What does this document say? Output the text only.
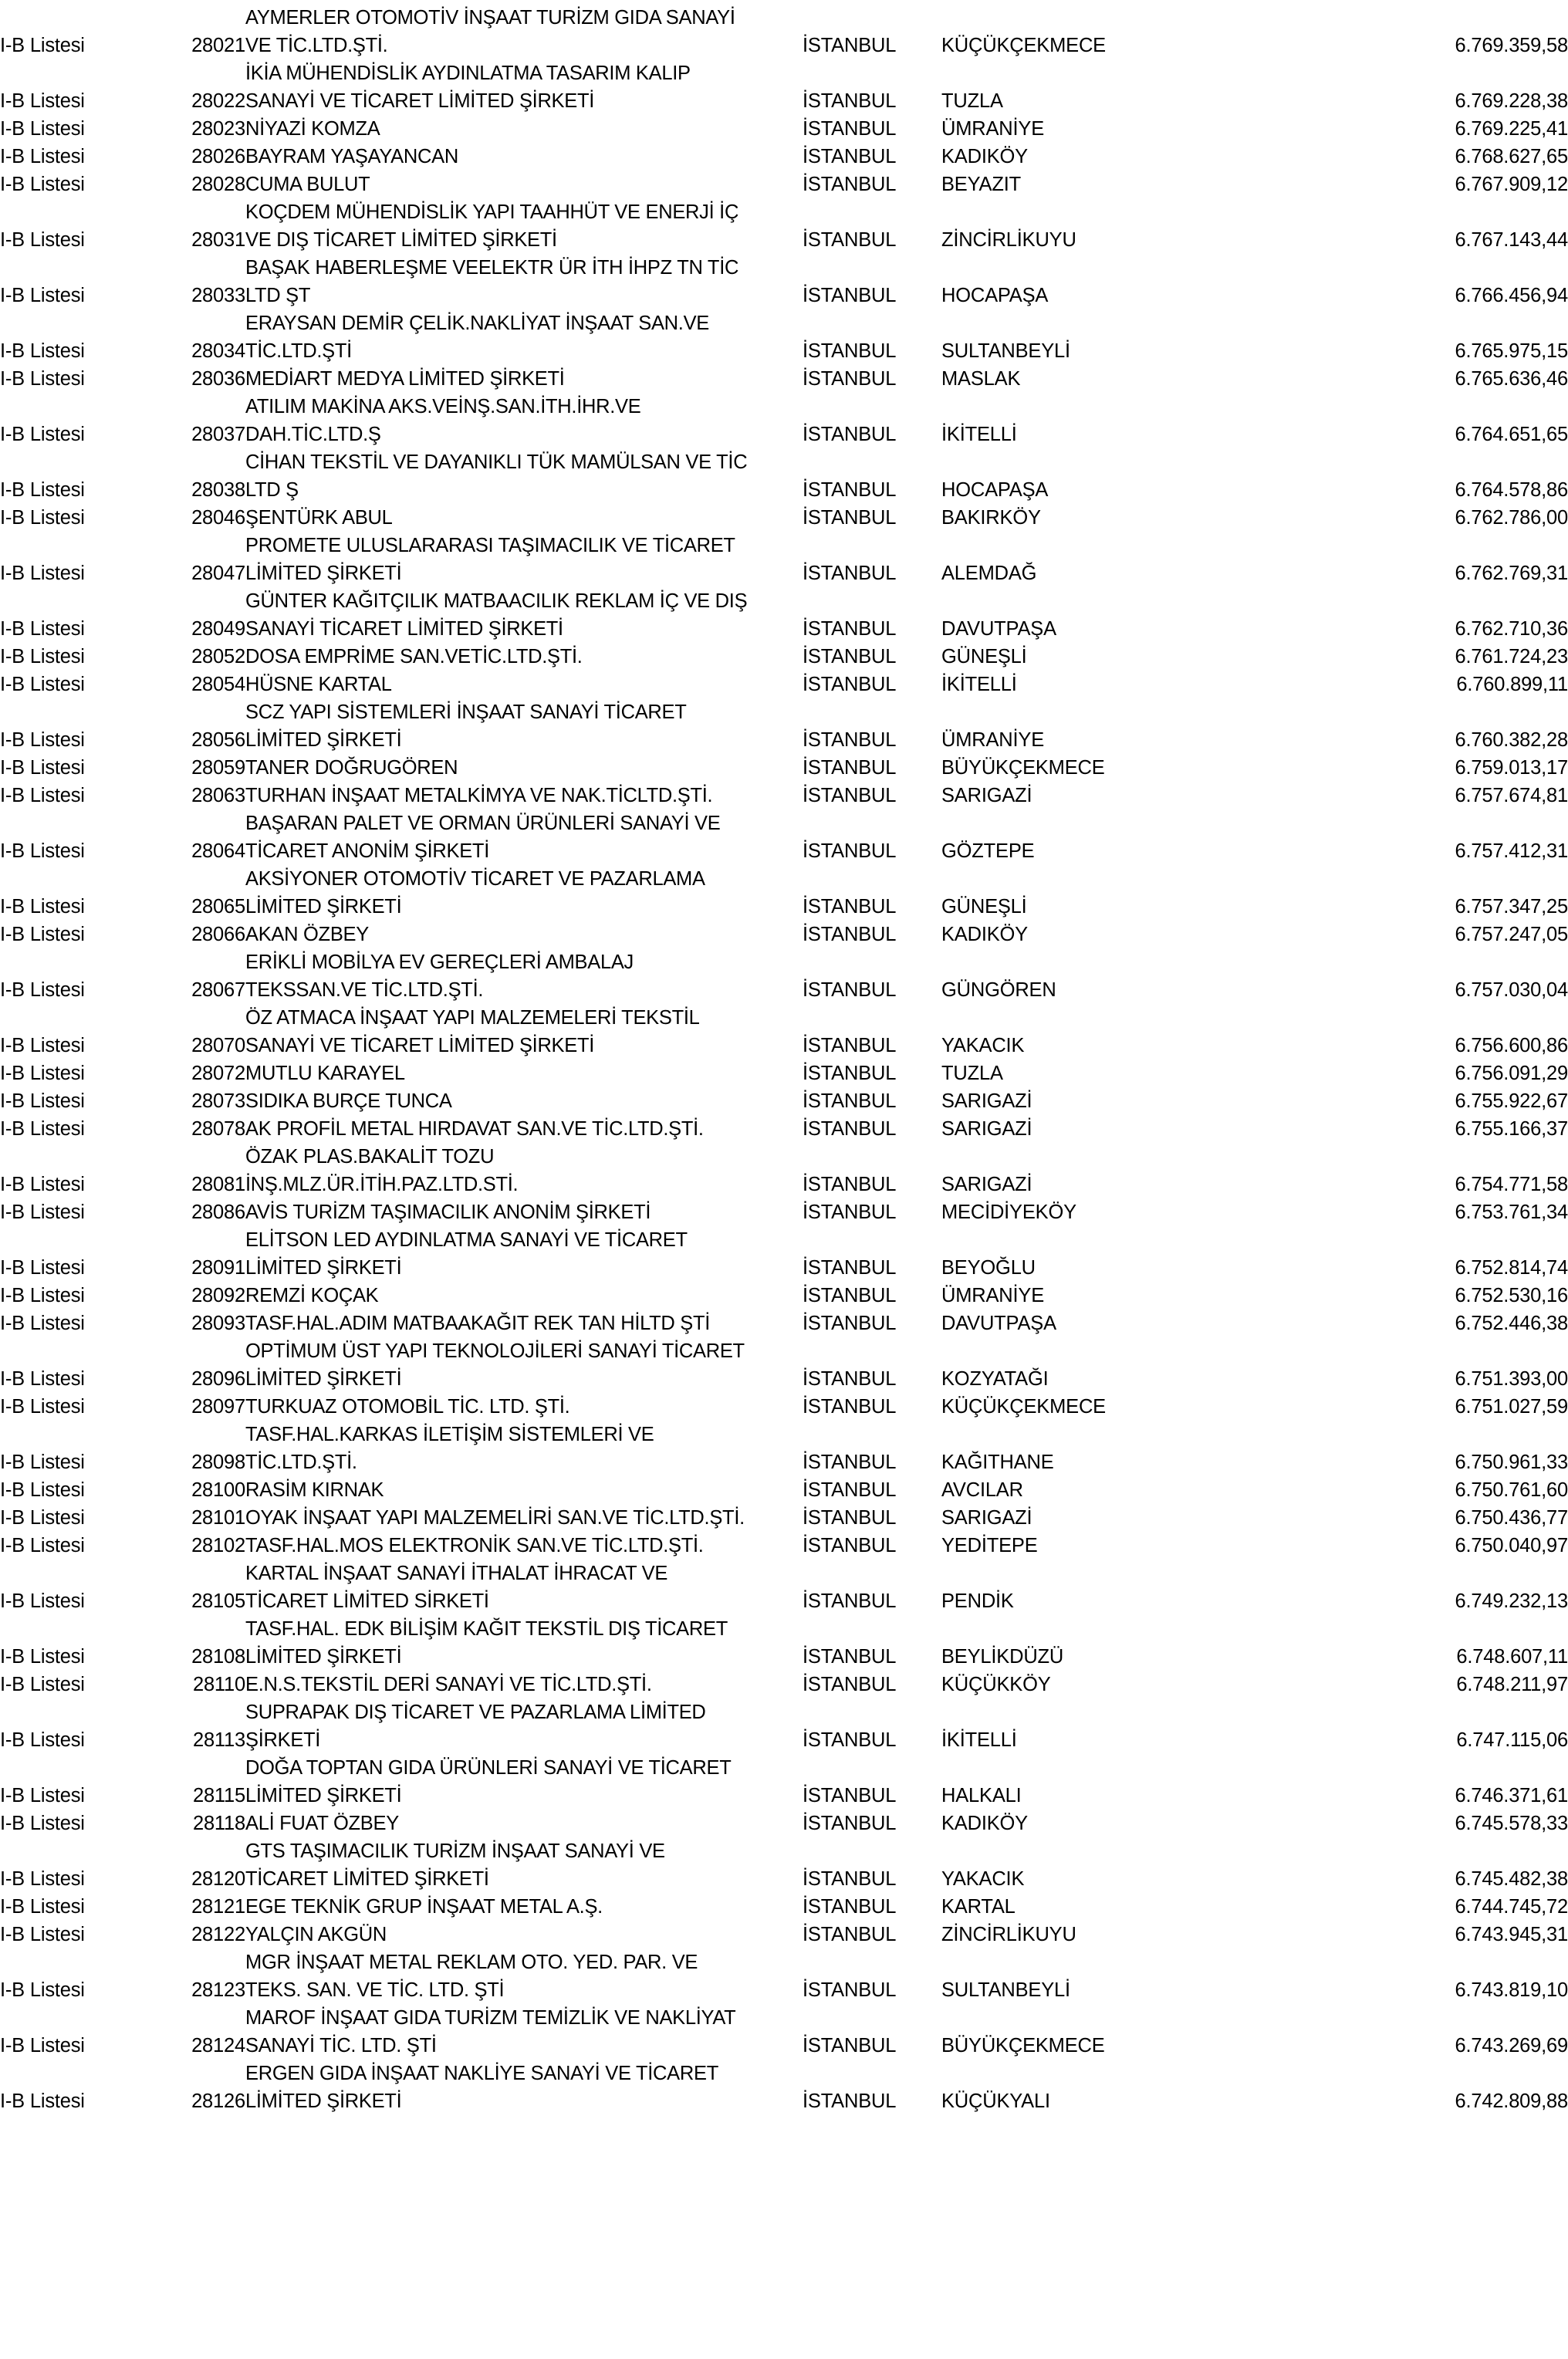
		AYMERLER OTOMOTİV İNŞAAT TURİZM GIDA SANAYİ			
I-B Listesi	28021	VE TİC.LTD.ŞTİ.	İSTANBUL	KÜÇÜKÇEKMECE	6.769.359,58
		İKİA MÜHENDİSLİK AYDINLATMA TASARIM KALIP			
I-B Listesi	28022	SANAYİ VE TİCARET LİMİTED ŞİRKETİ	İSTANBUL	TUZLA	6.769.228,38
I-B Listesi	28023	NİYAZİ KOMZA	İSTANBUL	ÜMRANİYE	6.769.225,41
I-B Listesi	28026	BAYRAM YAŞAYANCAN	İSTANBUL	KADIKÖY	6.768.627,65
I-B Listesi	28028	CUMA BULUT	İSTANBUL	BEYAZIT	6.767.909,12
		KOÇDEM MÜHENDİSLİK YAPI TAAHHÜT VE ENERJİ İÇ			
I-B Listesi	28031	VE DIŞ TİCARET LİMİTED ŞİRKETİ	İSTANBUL	ZİNCİRLİKUYU	6.767.143,44
		BAŞAK HABERLEŞME VEELEKTR ÜR İTH İHPZ TN TİC			
I-B Listesi	28033	LTD ŞT	İSTANBUL	HOCAPAŞA	6.766.456,94
		ERAYSAN DEMİR ÇELİK.NAKLİYAT İNŞAAT SAN.VE			
I-B Listesi	28034	TİC.LTD.ŞTİ	İSTANBUL	SULTANBEYLİ	6.765.975,15
I-B Listesi	28036	MEDİART MEDYA LİMİTED ŞİRKETİ	İSTANBUL	MASLAK	6.765.636,46
		ATILIM MAKİNA AKS.VEİNŞ.SAN.İTH.İHR.VE			
I-B Listesi	28037	DAH.TİC.LTD.Ş	İSTANBUL	İKİTELLİ	6.764.651,65
		CİHAN TEKSTİL VE DAYANIKLI TÜK MAMÜLSAN VE TİC			
I-B Listesi	28038	LTD Ş	İSTANBUL	HOCAPAŞA	6.764.578,86
I-B Listesi	28046	ŞENTÜRK ABUL	İSTANBUL	BAKIRKÖY	6.762.786,00
		PROMETE ULUSLARARASI TAŞIMACILIK VE TİCARET			
I-B Listesi	28047	LİMİTED ŞİRKETİ	İSTANBUL	ALEMDAĞ	6.762.769,31
		GÜNTER KAĞITÇILIK MATBAACILIK REKLAM İÇ VE DIŞ			
I-B Listesi	28049	SANAYİ TİCARET LİMİTED ŞİRKETİ	İSTANBUL	DAVUTPAŞA	6.762.710,36
I-B Listesi	28052	DOSA EMPRİME SAN.VETİC.LTD.ŞTİ.	İSTANBUL	GÜNEŞLİ	6.761.724,23
I-B Listesi	28054	HÜSNE KARTAL	İSTANBUL	İKİTELLİ	6.760.899,11
		SCZ YAPI SİSTEMLERİ İNŞAAT SANAYİ TİCARET			
I-B Listesi	28056	LİMİTED ŞİRKETİ	İSTANBUL	ÜMRANİYE	6.760.382,28
I-B Listesi	28059	TANER DOĞRUGÖREN	İSTANBUL	BÜYÜKÇEKMECE	6.759.013,17
I-B Listesi	28063	TURHAN İNŞAAT METALKİMYA VE NAK.TİCLTD.ŞTİ.	İSTANBUL	SARIGAZİ	6.757.674,81
		BAŞARAN PALET VE ORMAN ÜRÜNLERİ SANAYİ VE			
I-B Listesi	28064	TİCARET ANONİM ŞİRKETİ	İSTANBUL	GÖZTEPE	6.757.412,31
		AKSİYONER OTOMOTİV TİCARET VE PAZARLAMA			
I-B Listesi	28065	LİMİTED ŞİRKETİ	İSTANBUL	GÜNEŞLİ	6.757.347,25
I-B Listesi	28066	AKAN ÖZBEY	İSTANBUL	KADIKÖY	6.757.247,05
		ERİKLİ MOBİLYA EV GEREÇLERİ AMBALAJ			
I-B Listesi	28067	TEKSSAN.VE TİC.LTD.ŞTİ.	İSTANBUL	GÜNGÖREN	6.757.030,04
		ÖZ ATMACA İNŞAAT YAPI MALZEMELERİ TEKSTİL			
I-B Listesi	28070	SANAYİ VE TİCARET LİMİTED ŞİRKETİ	İSTANBUL	YAKACIK	6.756.600,86
I-B Listesi	28072	MUTLU KARAYEL	İSTANBUL	TUZLA	6.756.091,29
I-B Listesi	28073	SIDIKA BURÇE TUNCA	İSTANBUL	SARIGAZİ	6.755.922,67
I-B Listesi	28078	AK PROFİL METAL HIRDAVAT SAN.VE TİC.LTD.ŞTİ.	İSTANBUL	SARIGAZİ	6.755.166,37
		ÖZAK PLAS.BAKALİT TOZU			
I-B Listesi	28081	İNŞ.MLZ.ÜR.İTİH.PAZ.LTD.STİ.	İSTANBUL	SARIGAZİ	6.754.771,58
I-B Listesi	28086	AVİS TURİZM TAŞIMACILIK ANONİM ŞİRKETİ	İSTANBUL	MECİDİYEKÖY	6.753.761,34
		ELİTSON LED AYDINLATMA SANAYİ VE TİCARET			
I-B Listesi	28091	LİMİTED ŞİRKETİ	İSTANBUL	BEYOĞLU	6.752.814,74
I-B Listesi	28092	REMZİ KOÇAK	İSTANBUL	ÜMRANİYE	6.752.530,16
I-B Listesi	28093	TASF.HAL.ADIM MATBAAKAĞIT REK TAN HİLTD ŞTİ	İSTANBUL	DAVUTPAŞA	6.752.446,38
		OPTİMUM ÜST YAPI TEKNOLOJİLERİ SANAYİ TİCARET			
I-B Listesi	28096	LİMİTED ŞİRKETİ	İSTANBUL	KOZYATAĞI	6.751.393,00
I-B Listesi	28097	TURKUAZ OTOMOBİL TİC. LTD. ŞTİ.	İSTANBUL	KÜÇÜKÇEKMECE	6.751.027,59
		TASF.HAL.KARKAS İLETİŞİM SİSTEMLERİ VE			
I-B Listesi	28098	TİC.LTD.ŞTİ.	İSTANBUL	KAĞITHANE	6.750.961,33
I-B Listesi	28100	RASİM KIRNAK	İSTANBUL	AVCILAR	6.750.761,60
I-B Listesi	28101	OYAK İNŞAAT YAPI MALZEMELİRİ SAN.VE TİC.LTD.ŞTİ.	İSTANBUL	SARIGAZİ	6.750.436,77
I-B Listesi	28102	TASF.HAL.MOS ELEKTRONİK SAN.VE TİC.LTD.ŞTİ.	İSTANBUL	YEDİTEPE	6.750.040,97
		KARTAL İNŞAAT SANAYİ İTHALAT İHRACAT VE			
I-B Listesi	28105	TİCARET LİMİTED SİRKETİ	İSTANBUL	PENDİK	6.749.232,13
		TASF.HAL. EDK BİLİŞİM KAĞIT TEKSTİL DIŞ TİCARET			
I-B Listesi	28108	LİMİTED ŞİRKETİ	İSTANBUL	BEYLİKDÜZÜ	6.748.607,11
I-B Listesi	28110	E.N.S.TEKSTİL DERİ SANAYİ VE TİC.LTD.ŞTİ.	İSTANBUL	KÜÇÜKKÖY	6.748.211,97
		SUPRAPAK DIŞ TİCARET VE PAZARLAMA LİMİTED			
I-B Listesi	28113	ŞİRKETİ	İSTANBUL	İKİTELLİ	6.747.115,06
		DOĞA TOPTAN GIDA ÜRÜNLERİ SANAYİ VE TİCARET			
I-B Listesi	28115	LİMİTED ŞİRKETİ	İSTANBUL	HALKALI	6.746.371,61
I-B Listesi	28118	ALİ FUAT ÖZBEY	İSTANBUL	KADIKÖY	6.745.578,33
		GTS TAŞIMACILIK TURİZM İNŞAAT SANAYİ VE			
I-B Listesi	28120	TİCARET LİMİTED ŞİRKETİ	İSTANBUL	YAKACIK	6.745.482,38
I-B Listesi	28121	EGE TEKNİK GRUP İNŞAAT METAL A.Ş.	İSTANBUL	KARTAL	6.744.745,72
I-B Listesi	28122	YALÇIN AKGÜN	İSTANBUL	ZİNCİRLİKUYU	6.743.945,31
		MGR İNŞAAT METAL REKLAM OTO. YED. PAR. VE			
I-B Listesi	28123	TEKS. SAN. VE TİC. LTD. ŞTİ	İSTANBUL	SULTANBEYLİ	6.743.819,10
		MAROF İNŞAAT GIDA TURİZM TEMİZLİK VE NAKLİYAT			
I-B Listesi	28124	SANAYİ TİC. LTD. ŞTİ	İSTANBUL	BÜYÜKÇEKMECE	6.743.269,69
		ERGEN GIDA İNŞAAT NAKLİYE SANAYİ VE TİCARET			
I-B Listesi	28126	LİMİTED ŞİRKETİ	İSTANBUL	KÜÇÜKYALI	6.742.809,88
